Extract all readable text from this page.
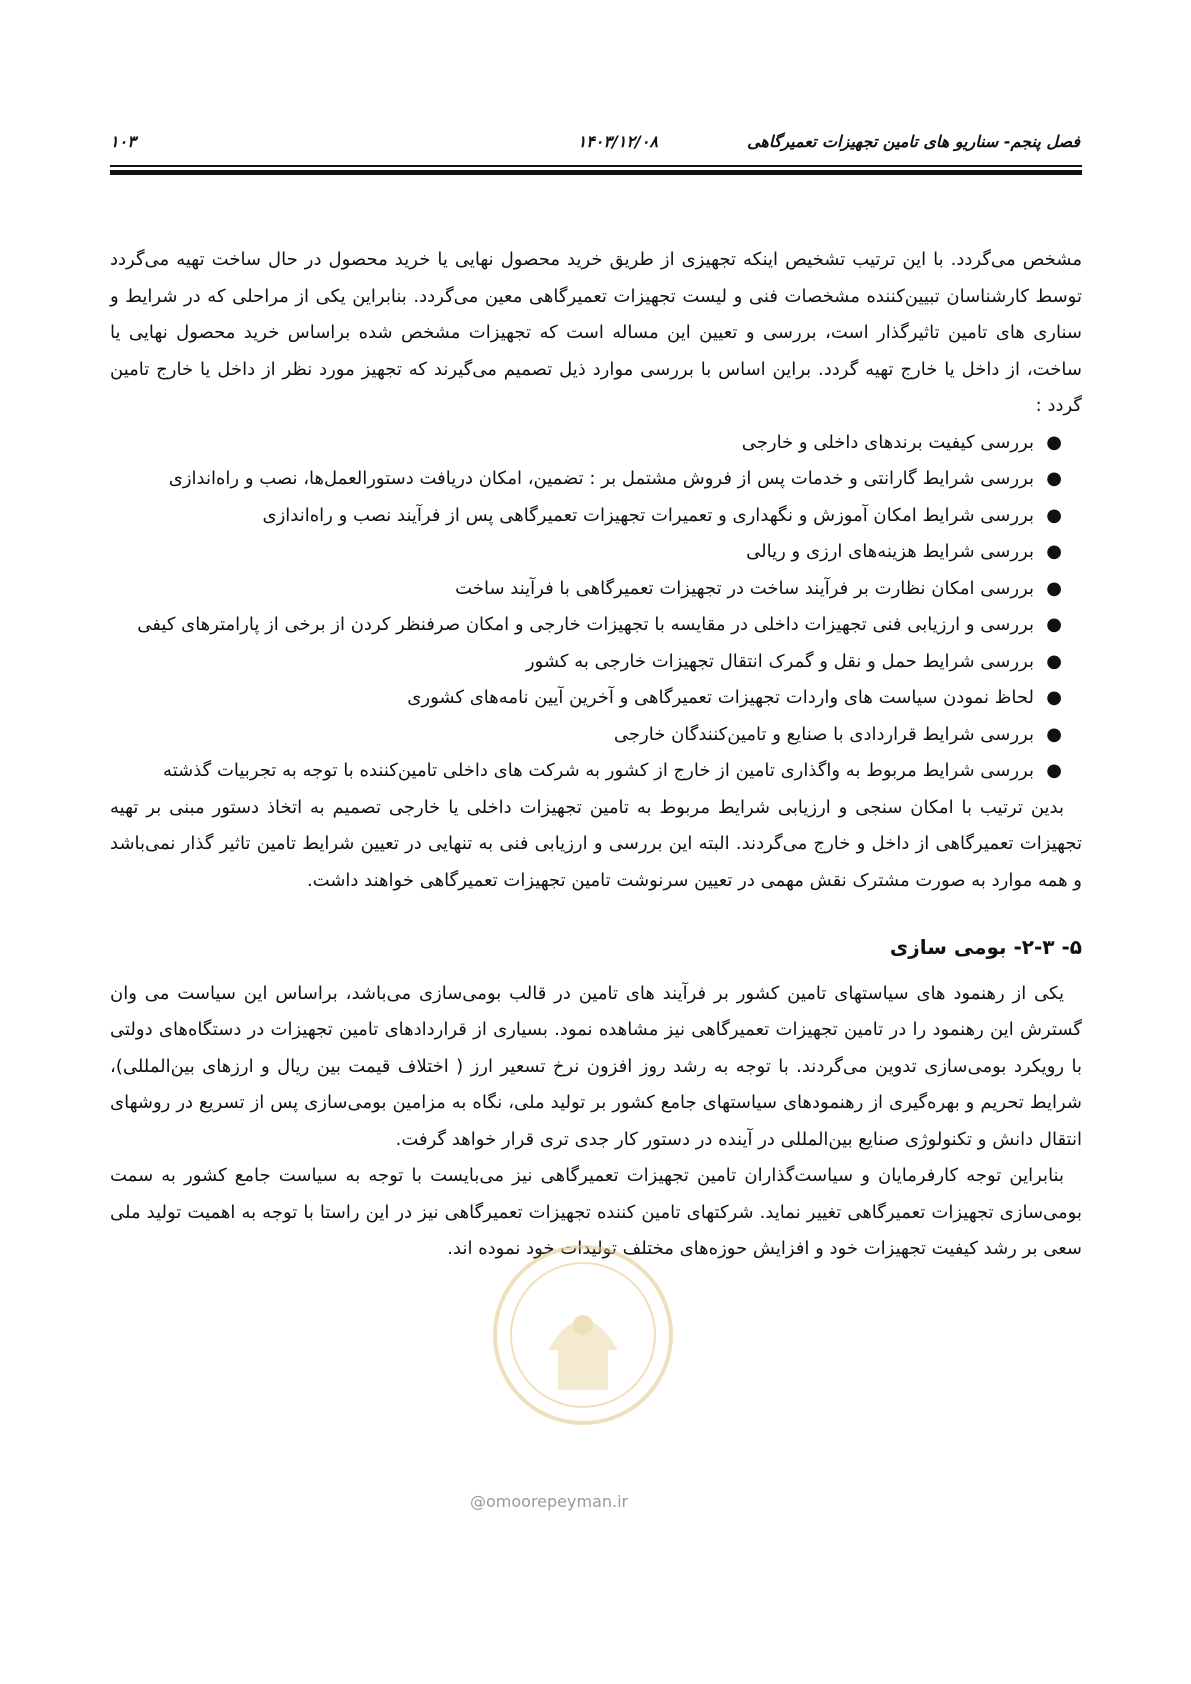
فصل پنجم- سناریو های تامین تجهیزات تعمیرگاهی
۱۴۰۳/۱۲/۰۸
۱۰۳

مشخص می‌گردد. با این ترتیب تشخیص اینکه تجهیزی از طریق خرید محصول نهایی یا خرید محصول در حال ساخت تهیه می‌گردد توسط کارشناسان تبیین‌کننده مشخصات فنی و لیست تجهیزات تعمیرگاهی معین می‌گردد. بنابراین یکی از مراحلی که در شرایط و سناری های تامین تاثیرگذار است، بررسی و تعیین این مساله است که تجهیزات مشخص شده براساس خرید محصول نهایی یا ساخت، از داخل یا خارج تهیه گردد. براین اساس با بررسی موارد ذیل تصمیم می‌گیرند که تجهیز مورد نظر از داخل یا خارج تامین گردد :

●
بررسی کیفیت برندهای داخلی و خارجی
●
بررسی شرایط گارانتی و خدمات پس از فروش مشتمل بر : تضمین، امکان دریافت دستورالعمل‌ها، نصب و راه‌اندازی
●
بررسی شرایط امکان آموزش و نگهداری و تعمیرات تجهیزات تعمیرگاهی پس از فرآیند نصب و راه‌اندازی
●
بررسی شرایط هزینه‌های ارزی و ریالی
●
بررسی امکان نظارت بر فرآیند ساخت در تجهیزات تعمیرگاهی با فرآیند ساخت
●
بررسی و ارزیابی فنی تجهیزات داخلی در مقایسه با تجهیزات خارجی و امکان صرفنظر کردن از برخی از پارامترهای کیفی
●
بررسی شرایط حمل و نقل و گمرک انتقال تجهیزات خارجی به کشور
●
لحاظ نمودن سیاست های واردات تجهیزات تعمیرگاهی و آخرین آیین نامه‌های کشوری
●
بررسی شرایط قراردادی با صنایع و تامین‌کنندگان خارجی
●
بررسی شرایط مربوط به واگذاری تامین از خارج از کشور به شرکت های داخلی تامین‌کننده با توجه به تجربیات گذشته

بدین ترتیب با امکان سنجی و ارزیابی شرایط مربوط به تامین تجهیزات داخلی یا خارجی تصمیم به اتخاذ دستور مبنی بر تهیه تجهیزات تعمیرگاهی از داخل و خارج می‌گردند. البته این بررسی و ارزیابی فنی به تنهایی در تعیین شرایط تامین تاثیر گذار نمی‌باشد و همه موارد به صورت مشترک نقش مهمی در تعیین سرنوشت تامین تجهیزات تعمیرگاهی خواهند داشت.

۵- ۲-۳- بومی سازی

یکی از رهنمود های سیاستهای تامین کشور بر فرآیند های تامین در قالب بومی‌سازی می‌باشد، براساس این سیاست می وان گسترش این رهنمود را در تامین تجهیزات تعمیرگاهی نیز مشاهده نمود. بسیاری از قراردادهای تامین تجهیزات در دستگاه‌های دولتی با رویکرد بومی‌سازی تدوین می‌گردند. با توجه به رشد روز افزون نرخ تسعیر ارز ( اختلاف قیمت بین ریال و ارزهای بین‌المللی)، شرایط تحریم و بهره‌گیری از رهنمودهای سیاستهای جامع کشور بر تولید ملی، نگاه به مزامین بومی‌سازی پس از تسریع در روشهای انتقال دانش و تکنولوژی صنایع بین‌المللی در آینده در دستور کار جدی تری قرار خواهد گرفت.

بنابراین توجه کارفرمایان و سیاست‌گذاران تامین تجهیزات تعمیرگاهی نیز می‌بایست با توجه به سیاست جامع کشور به سمت بومی‌سازی تجهیزات تعمیرگاهی تغییر نماید. شرکتهای تامین کننده تجهیزات تعمیرگاهی نیز در این راستا با توجه به اهمیت تولید ملی سعی بر رشد کیفیت تجهیزات خود و افزایش حوزه‌های مختلف تولیدات خود نموده اند.

@omoorepeyman.ir
